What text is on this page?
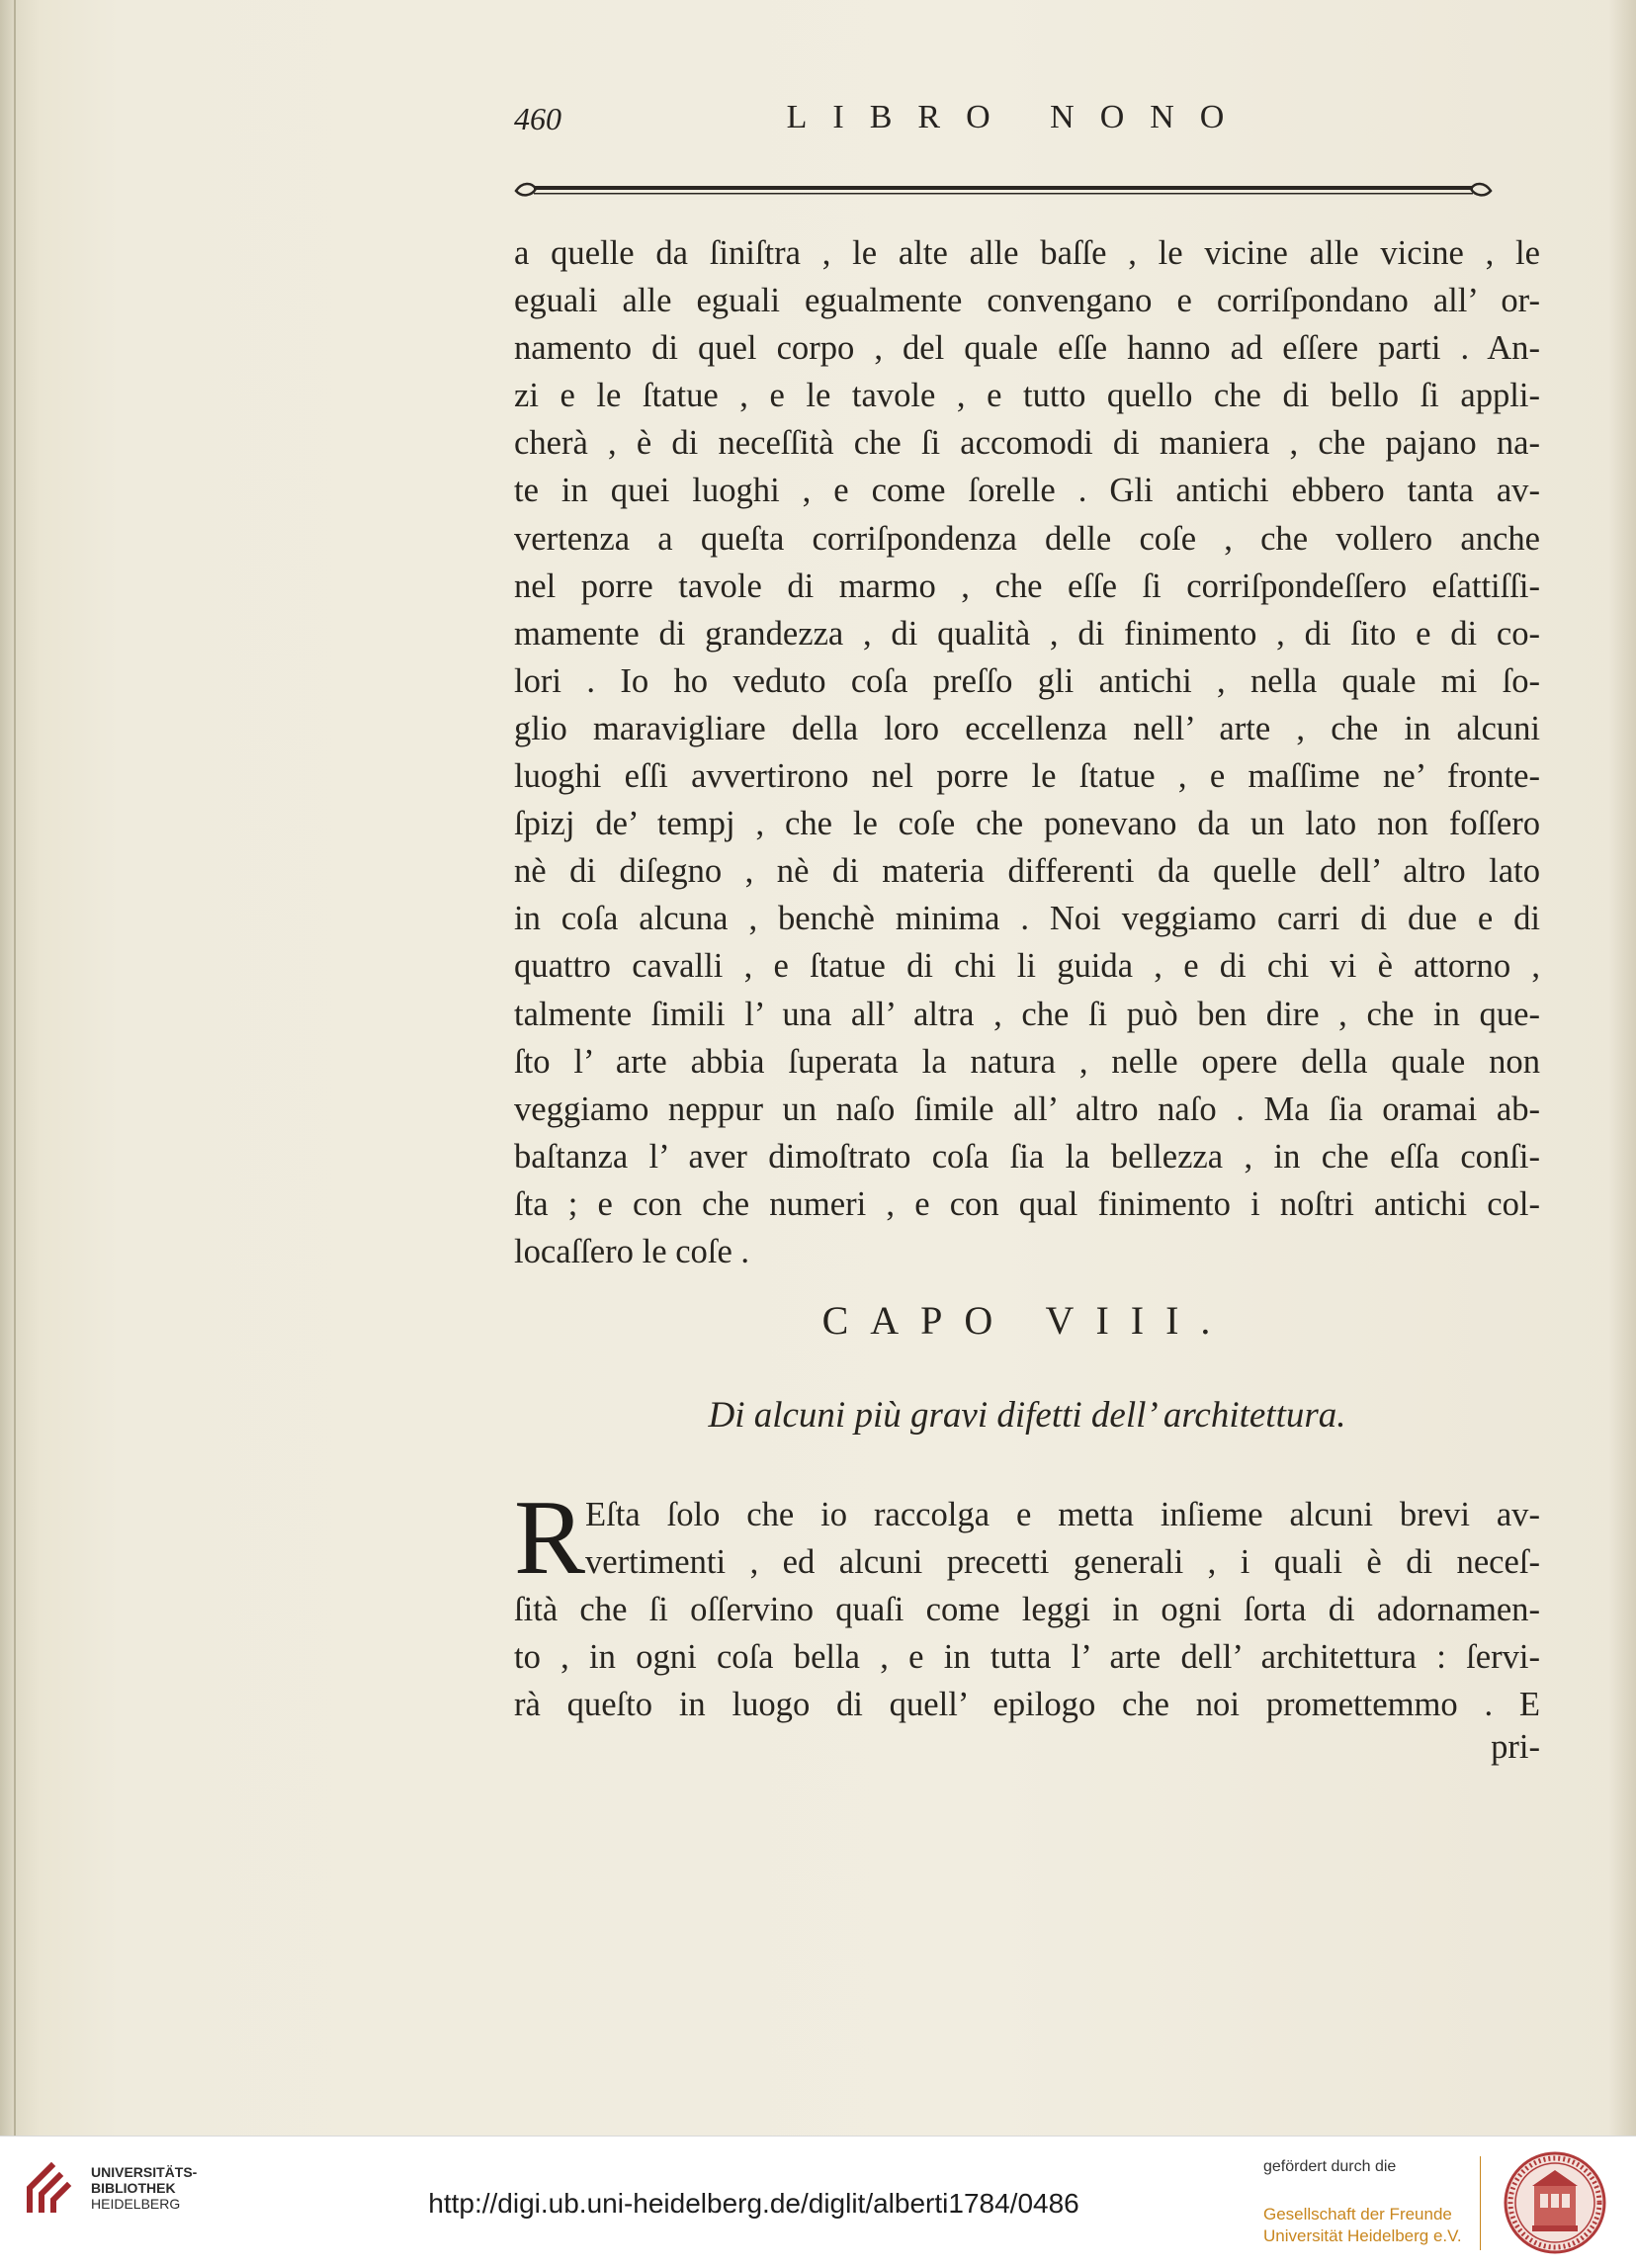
460	LIBRO NONO
a quelle da ſiniſtra , le alte alle baſſe , le vicine alle vicine , le
eguali alle eguali egualmente convengano e corriſpondano all’ or-
namento di quel corpo , del quale eſſe hanno ad eſſere parti . An-
zi e le ſtatue , e le tavole , e tutto quello che di bello ſi appli-
cherà , è di neceſſità che ſi accomodi di maniera , che pajano na-
te in quei luoghi , e come ſorelle . Gli antichi ebbero tanta av-
vertenza a queſta corriſpondenza delle coſe , che vollero anche
nel porre tavole di marmo , che eſſe ſi corriſpondeſſero eſattiſſi-
mamente di grandezza , di qualità , di finimento , di ſito e di co-
lori . Io ho veduto coſa preſſo gli antichi , nella quale mi ſo-
glio maravigliare della loro eccellenza nell’ arte , che in alcuni
luoghi eſſi avvertirono nel porre le ſtatue , e maſſime ne’ fronte-
ſpizj de’ tempj , che le coſe che ponevano da un lato non foſſero
nè di diſegno , nè di materia differenti da quelle dell’ altro lato
in coſa alcuna , benchè minima . Noi veggiamo carri di due e di
quattro cavalli , e ſtatue di chi li guida , e di chi vi è attorno ,
talmente ſimili l’ una all’ altra , che ſi può ben dire , che in que-
ſto l’ arte abbia ſuperata la natura , nelle opere della quale non
veggiamo neppur un naſo ſimile all’ altro naſo . Ma ſia oramai ab-
baſtanza l’ aver dimoſtrato coſa ſia la bellezza , in che eſſa conſi-
ſta ; e con che numeri , e con qual finimento i noſtri antichi col-
locaſſero le coſe .
CAPO VIII.
Di alcuni più gravi difetti dell’ architettura.
R Eſta ſolo che io raccolga e metta inſieme alcuni brevi av-
vertimenti , ed alcuni precetti generali , i quali è di neceſ-
ſità che ſi oſſervino quaſi come leggi in ogni ſorta di adornamen-
to , in ogni coſa bella , e in tutta l’ arte dell’ architettura : ſervi-
rà queſto in luogo di quell’ epilogo che noi promettemmo . E
pri-
UNIVERSITÄTS-
BIBLIOTHEK
HEIDELBERG	http://digi.ub.uni-heidelberg.de/diglit/alberti1784/0486
gefördert durch die
Gesellschaft der Freunde
Universität Heidelberg e.V.
